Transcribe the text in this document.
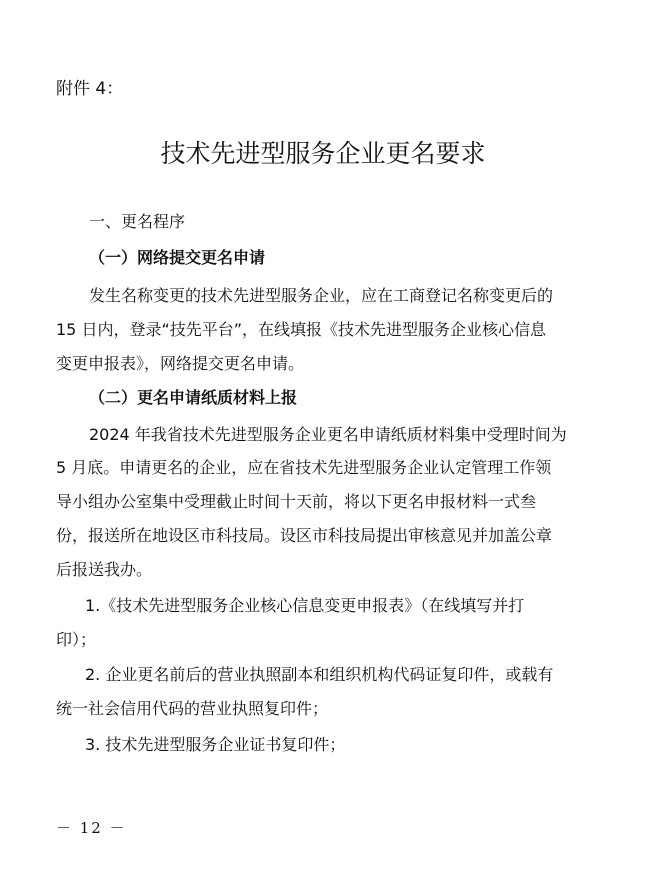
附件 4：
技术先进型服务企业更名要求
一、更名程序
（一）网络提交更名申请
发生名称变更的技术先进型服务企业，应在工商登记名称变更后的
15 日内，登录“技先平台”，在线填报《技术先进型服务企业核心信息
变更申报表》，网络提交更名申请。
（二）更名申请纸质材料上报
2024 年我省技术先进型服务企业更名申请纸质材料集中受理时间为
5 月底。申请更名的企业，应在省技术先进型服务企业认定管理工作领
导小组办公室集中受理截止时间十天前，将以下更名申报材料一式叁
份，报送所在地设区市科技局。设区市科技局提出审核意见并加盖公章
后报送我办。
1.《技术先进型服务企业核心信息变更申报表》（在线填写并打
印）；
2. 企业更名前后的营业执照副本和组织机构代码证复印件，或载有
统一社会信用代码的营业执照复印件；
3. 技术先进型服务企业证书复印件；
－ 12 －
